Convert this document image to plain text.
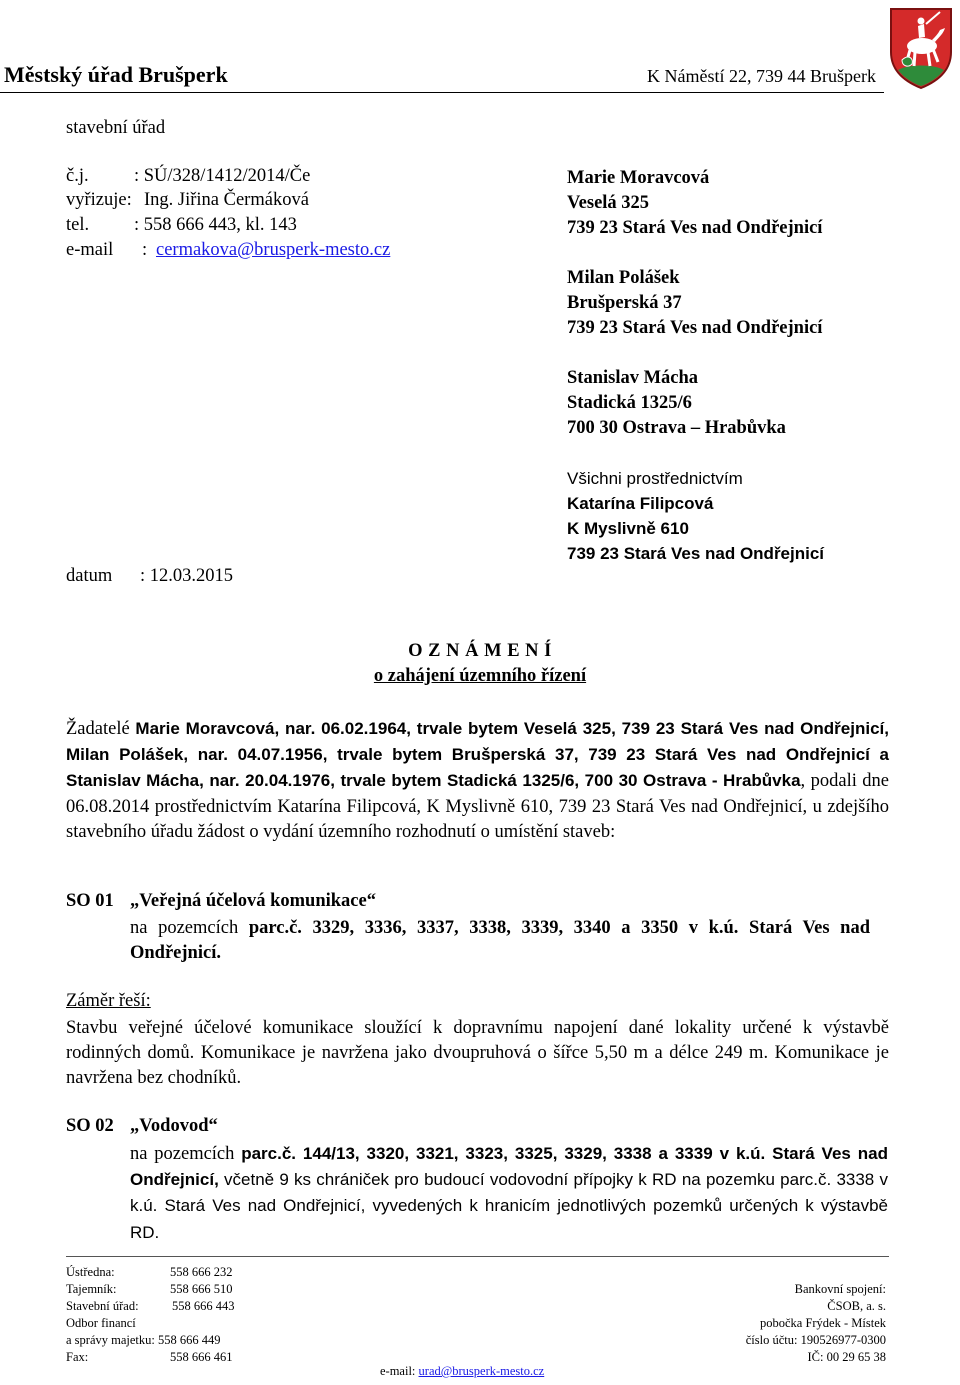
Městský úřad Brušperk	K Náměstí 22, 739 44 Brušperk
stavební úřad
č.j. : SÚ/328/1412/2014/Če
vyřizuje: Ing. Jiřina Čermáková
tel. : 558 666 443, kl. 143
e-mail : cermakova@brusperk-mesto.cz
datum : 12.03.2015
Marie Moravcová
Veselá 325
739 23 Stará Ves nad Ondřejnicí
Milan Polášek
Brušperská 37
739 23 Stará Ves nad Ondřejnicí
Stanislav Mácha
Stadická 1325/6
700 30 Ostrava – Hrabůvka
Všichni prostřednictvím
Katarína Filipcová
K Myslivně 610
739 23 Stará Ves nad Ondřejnicí
O Z N Á M E N Í
o zahájení územního řízení
Žadatelé Marie Moravcová, nar. 06.02.1964, trvale bytem Veselá 325, 739 23 Stará Ves nad Ondřejnicí, Milan Polášek, nar. 04.07.1956, trvale bytem Brušperská 37, 739 23 Stará Ves nad Ondřejnicí a Stanislav Mácha, nar. 20.04.1976, trvale bytem Stadická 1325/6, 700 30 Ostrava - Hrabůvka, podali dne 06.08.2014 prostřednictvím Katarína Filipcová, K Myslivně 610, 739 23 Stará Ves nad Ondřejnicí, u zdejšího stavebního úřadu žádost o vydání územního rozhodnutí o umístění staveb:
SO 01 „Veřejná účelová komunikace“
na pozemcích parc.č. 3329, 3336, 3337, 3338, 3339, 3340 a 3350 v k.ú. Stará Ves nad Ondřejnicí.
Záměr řeší:
Stavbu veřejné účelové komunikace sloužící k dopravnímu napojení dané lokality určené k výstavbě rodinných domů. Komunikace je navržena jako dvoupruhová o šířce 5,50 m a délce 249 m. Komunikace je navržena bez chodníků.
SO 02 „Vodovod“
na pozemcích parc.č. 144/13, 3320, 3321, 3323, 3325, 3329, 3338 a 3339 v k.ú. Stará Ves nad Ondřejnicí, včetně 9 ks chrániček pro budoucí vodovodní přípojky k RD na pozemku parc.č. 3338 v k.ú. Stará Ves nad Ondřejnicí, vyvedených k hranicím jednotlivých pozemků určených k výstavbě RD.
Ústředna:	558 666 232
Tajemník:	558 666 510
Stavební úřad:	558 666 443
Odbor financí
a správy majetku: 558 666 449
Fax:	558 666 461
Bankovní spojení:
ČSOB, a. s.
pobočka Frýdek - Místek
číslo účtu: 190526977-0300
IČ: 00 29 65 38
e-mail: urad@brusperk-mesto.cz
